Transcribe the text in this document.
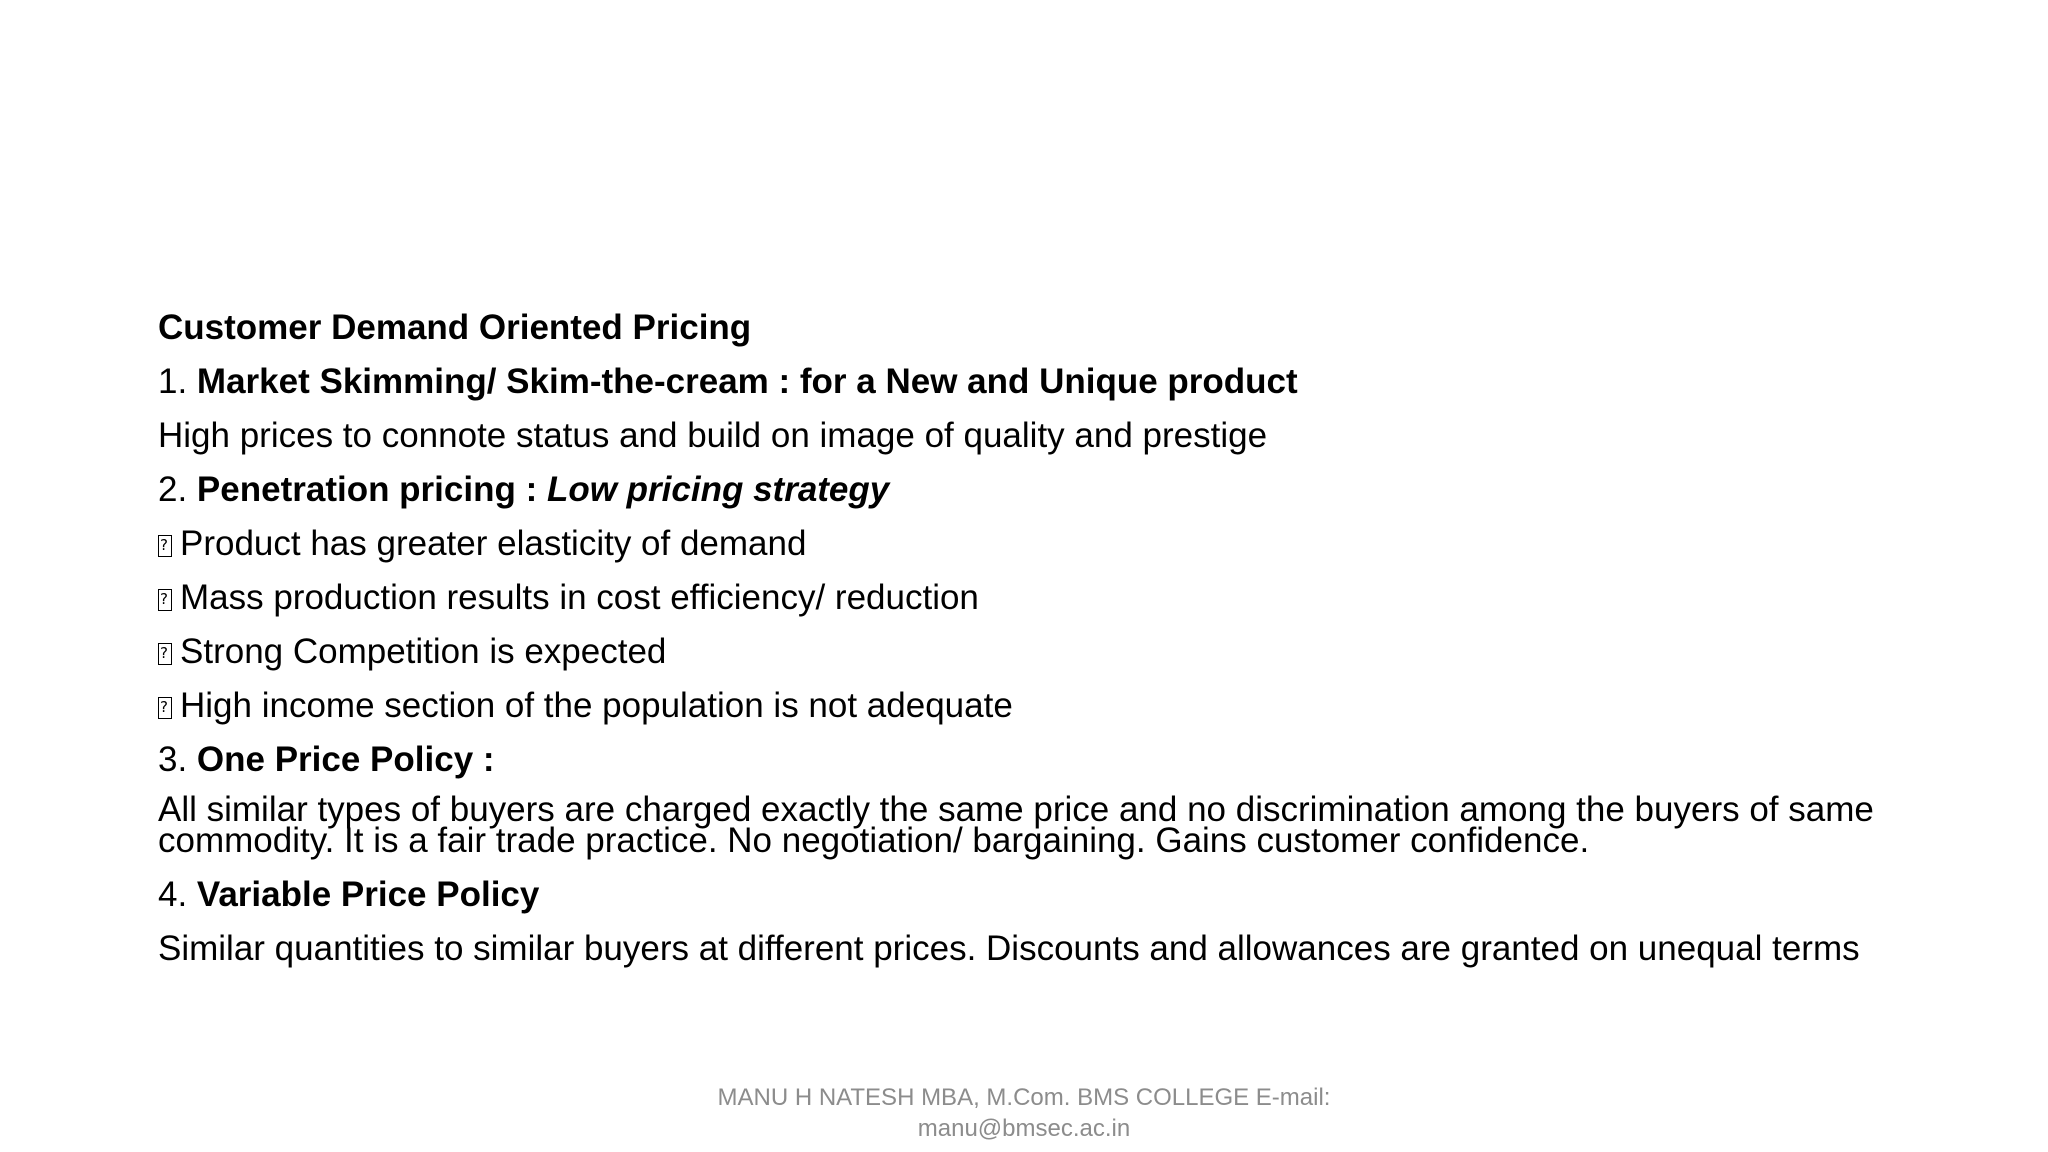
Customer Demand Oriented Pricing

1. Market Skimming/ Skim-the-cream : for a New and Unique product

High prices to connote status and build on image of quality and prestige

2. Penetration pricing : Low pricing strategy

?Product has greater elasticity of demand

?Mass production results in cost efficiency/ reduction

?Strong Competition is expected

?High income section of the population is not adequate

3. One Price Policy :

All similar types of buyers are charged exactly the same price and no discrimination among the buyers of same commodity. It is a fair trade practice. No negotiation/ bargaining. Gains customer confidence.

4. Variable Price Policy

Similar quantities to similar buyers at different prices. Discounts and allowances are granted on unequal terms

MANU H NATESH MBA, M.Com. BMS COLLEGE E-mail:
manu@bmsec.ac.in
